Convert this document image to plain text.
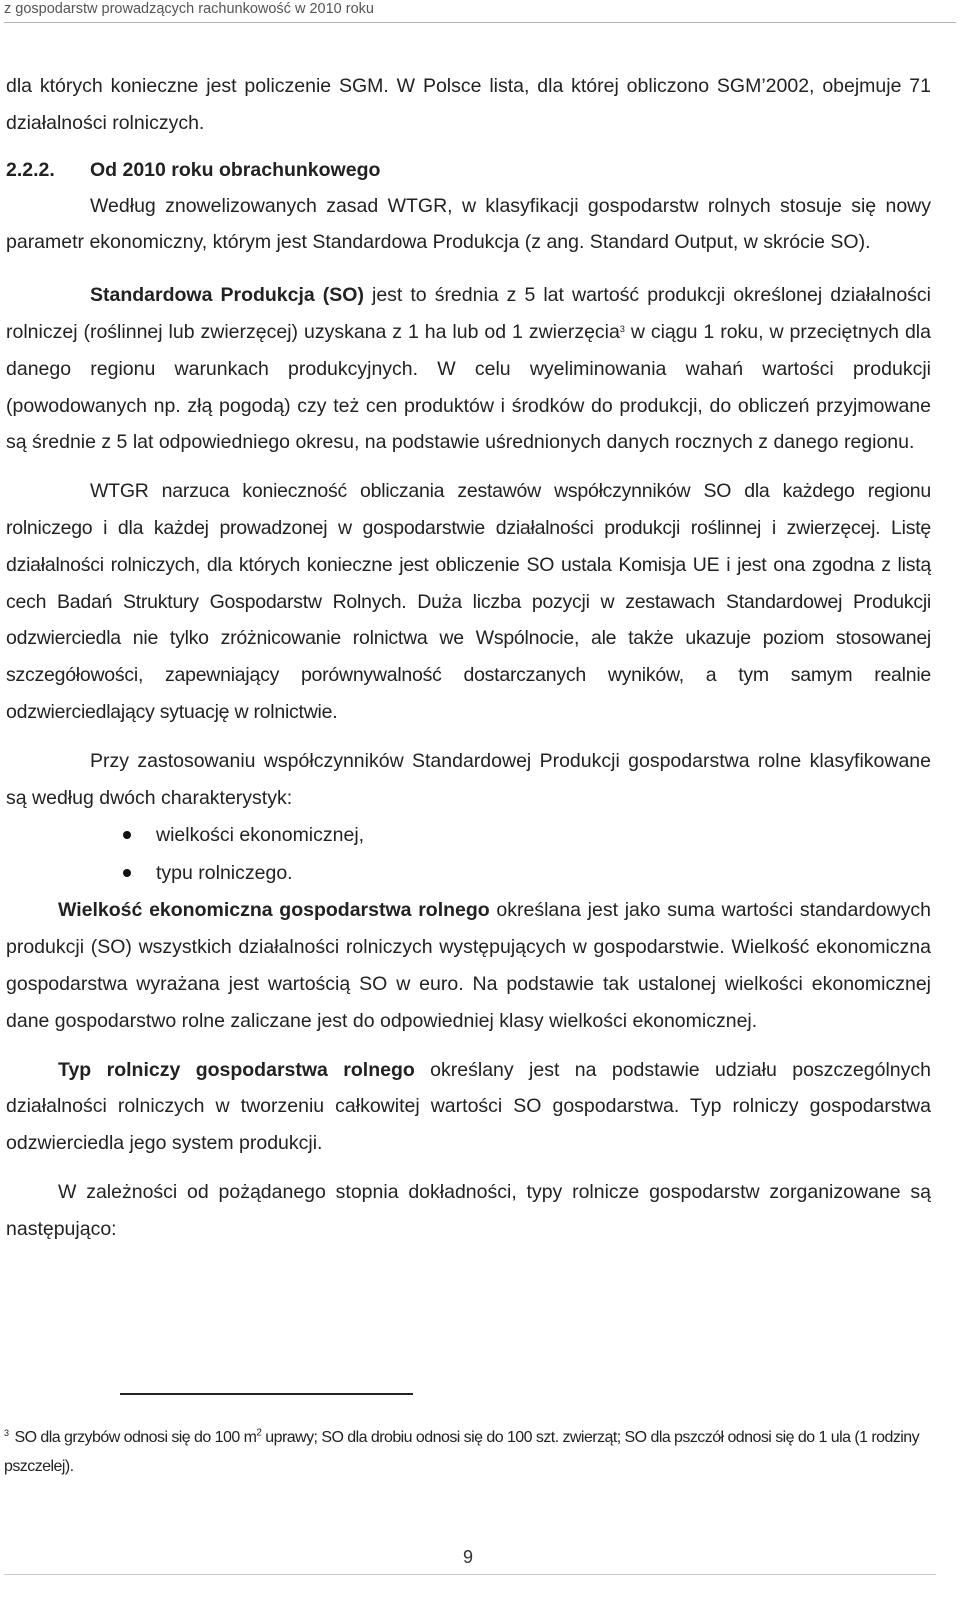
z gospodarstw prowadzących rachunkowość w 2010 roku

dla których konieczne jest policzenie SGM. W Polsce lista, dla której obliczono SGM’2002, obejmuje 71 działalności rolniczych.

2.2.2. Od 2010 roku obrachunkowego

Według znowelizowanych zasad WTGR, w klasyfikacji gospodarstw rolnych stosuje się nowy parametr ekonomiczny, którym jest Standardowa Produkcja (z ang. Standard Output, w skrócie SO).

Standardowa Produkcja (SO) jest to średnia z 5 lat wartość produkcji określonej działalności rolniczej (roślinnej lub zwierzęcej) uzyskana z 1 ha lub od 1 zwierzęcia$^3$ w ciągu 1 roku, w przeciętnych dla danego regionu warunkach produkcyjnych. W celu wyeliminowania wahań wartości produkcji (powodowanych np. złą pogodą) czy też cen produktów i środków do produkcji, do obliczeń przyjmowane są średnie z 5 lat odpowiedniego okresu, na podstawie uśrednionych danych rocznych z danego regionu.

WTGR narzuca konieczność obliczania zestawów współczynników SO dla każdego regionu rolniczego i dla każdej prowadzonej w gospodarstwie działalności produkcji roślinnej i zwierzęcej. Listę działalności rolniczych, dla których konieczne jest obliczenie SO ustala Komisja UE i jest ona zgodna z listą cech Badań Struktury Gospodarstw Rolnych. Duża liczba pozycji w zestawach Standardowej Produkcji odzwierciedla nie tylko zróżnicowanie rolnictwa we Wspólnocie, ale także ukazuje poziom stosowanej szczegółowości, zapewniający porównywalność dostarczanych wyników, a tym samym realnie odzwierciedlający sytuację w rolnictwie.

Przy zastosowaniu współczynników Standardowej Produkcji gospodarstwa rolne klasyfikowane są według dwóch charakterystyk:

wielkości ekonomicznej,
typu rolniczego.

Wielkość ekonomiczna gospodarstwa rolnego określana jest jako suma wartości standardowych produkcji (SO) wszystkich działalności rolniczych występujących w gospodarstwie. Wielkość ekonomiczna gospodarstwa wyrażana jest wartością SO w euro. Na podstawie tak ustalonej wielkości ekonomicznej dane gospodarstwo rolne zaliczane jest do odpowiedniej klasy wielkości ekonomicznej.

Typ rolniczy gospodarstwa rolnego określany jest na podstawie udziału poszczególnych działalności rolniczych w tworzeniu całkowitej wartości SO gospodarstwa. Typ rolniczy gospodarstwa odzwierciedla jego system produkcji.

W zależności od pożądanego stopnia dokładności, typy rolnicze gospodarstw zorganizowane są następująco:

$^3$ SO dla grzybów odnosi się do 100 $m^2$ uprawy; SO dla drobiu odnosi się do 100 szt. zwierząt; SO dla pszczół odnosi się do 1 ula (1 rodziny pszczelej).
9
